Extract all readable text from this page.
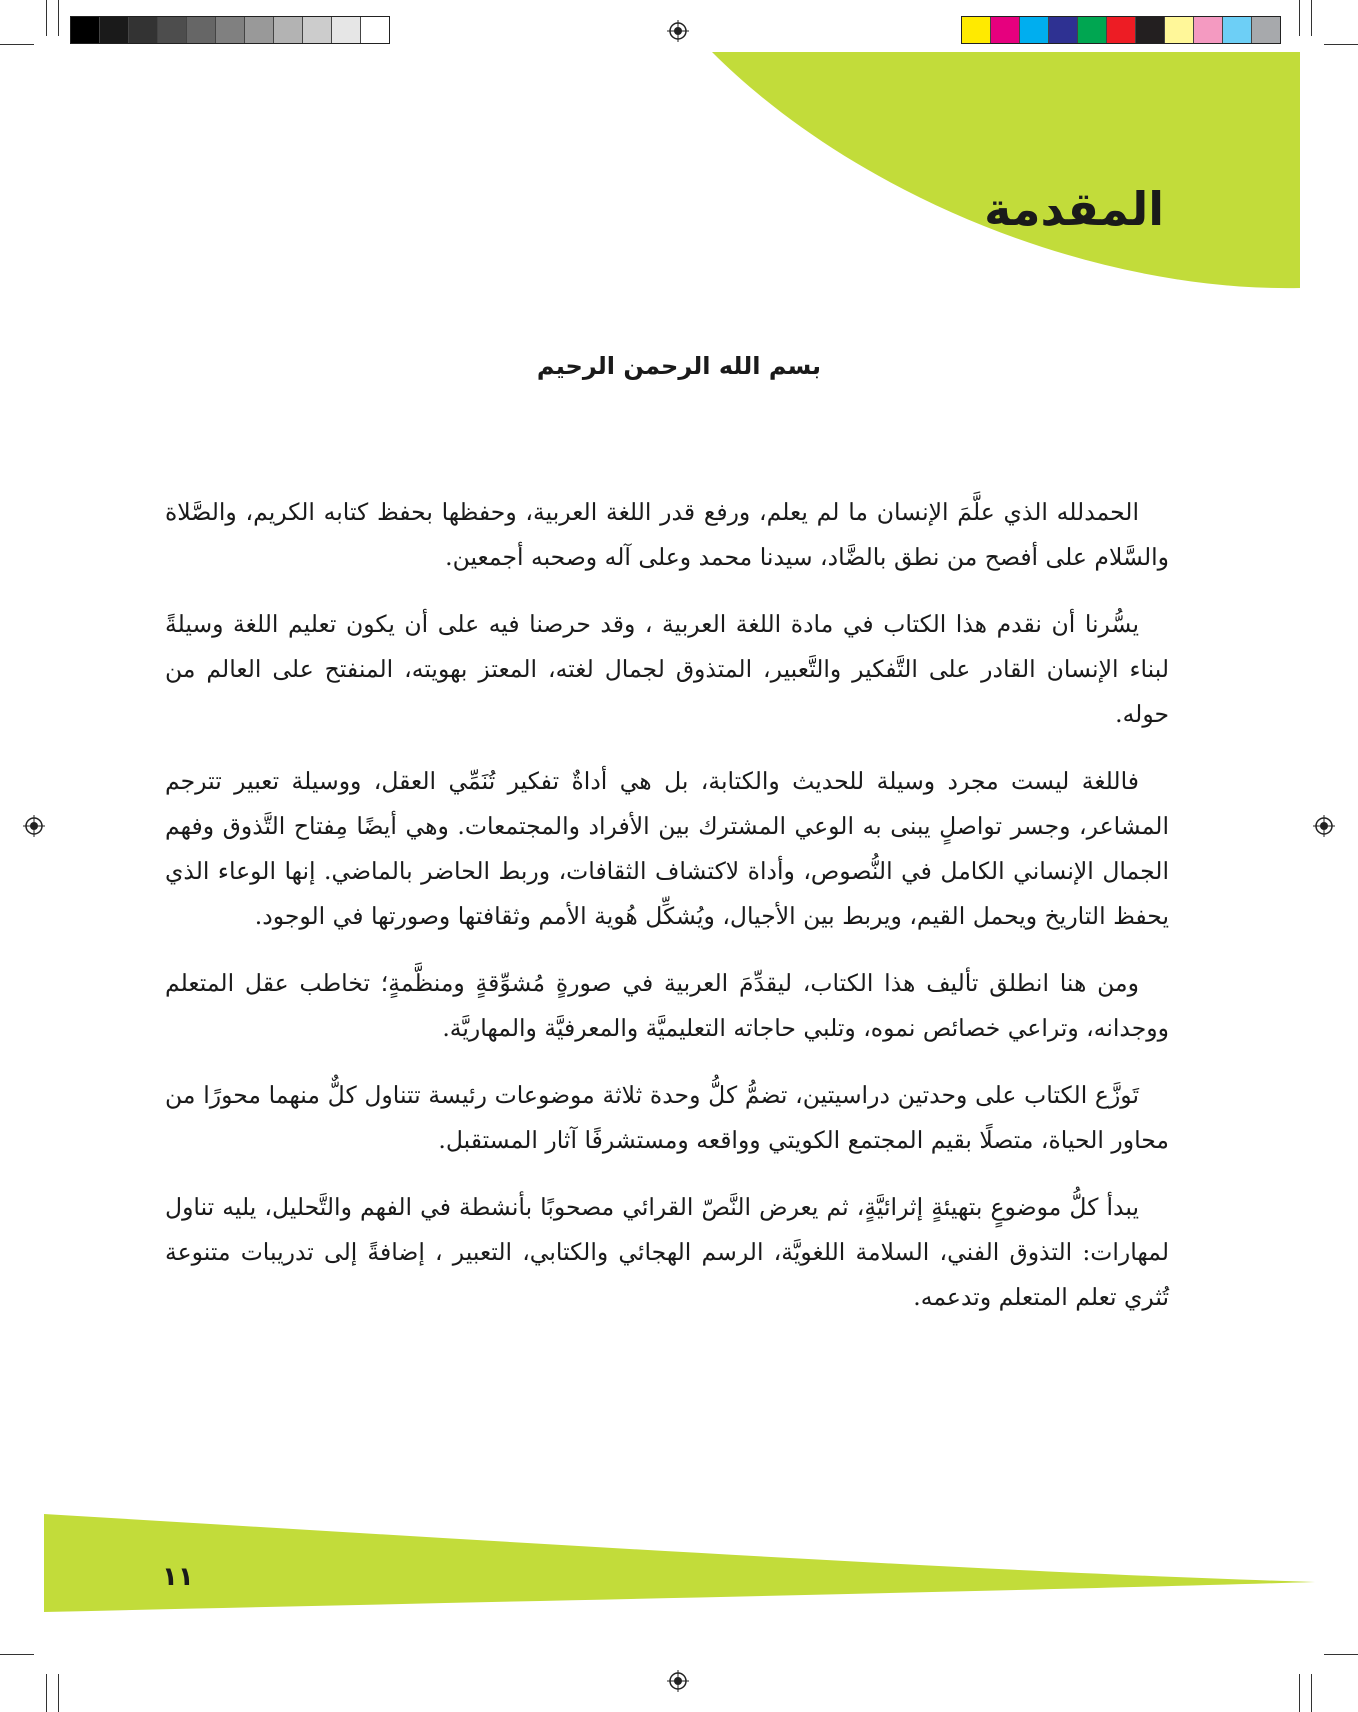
المقدمة

بسم الله الرحمن الرحيم

الحمدلله الذي علَّمَ الإنسان ما لم يعلم، ورفع قدر اللغة العربية، وحفظها بحفظ كتابه الكريم، والصَّلاة والسَّلام على أفصح من نطق بالضَّاد، سيدنا محمد وعلى آله وصحبه أجمعين.

يسُّرنا أن نقدم هذا الكتاب في مادة اللغة العربية ، وقد حرصنا فيه على أن يكون تعليم اللغة وسيلةً لبناء الإنسان القادر على التَّفكير والتَّعبير، المتذوق لجمال لغته، المعتز بهويته، المنفتح على العالم من حوله.

فاللغة ليست مجرد وسيلة للحديث والكتابة، بل هي أداةٌ تفكير تُنَمِّي العقل، ووسيلة تعبير تترجم المشاعر، وجسر تواصلٍ يبنى به الوعي المشترك بين الأفراد والمجتمعات. وهي أيضًا مِفتاح التَّذوق وفهم الجمال الإنساني الكامل في النُّصوص، وأداة لاكتشاف الثقافات، وربط الحاضر بالماضي. إنها الوعاء الذي يحفظ التاريخ ويحمل القيم، ويربط بين الأجيال، ويُشكِّل هُوية الأمم وثقافتها وصورتها في الوجود.

ومن هنا انطلق تأليف هذا الكتاب، ليقدِّمَ العربية في صورةٍ مُشوِّقةٍ ومنظَّمةٍ؛ تخاطب عقل المتعلم ووجدانه، وتراعي خصائص نموه، وتلبي حاجاته التعليميَّة والمعرفيَّة والمهاريَّة.

تَوزَّع الكتاب على وحدتين دراسيتين، تضمُّ كلُّ وحدة ثلاثة موضوعات رئيسة تتناول كلٌّ منهما محورًا من محاور الحياة، متصلًا بقيم المجتمع الكويتي وواقعه ومستشرفًا آثار المستقبل.

يبدأ كلُّ موضوعٍ بتهيئةٍ إثرائيَّةٍ، ثم يعرض النَّصّ القرائي مصحوبًا بأنشطة في الفهم والتَّحليل، يليه تناول لمهارات: التذوق الفني، السلامة اللغويَّة، الرسم الهجائي والكتابي، التعبير ، إضافةً إلى تدريبات متنوعة تُثري تعلم المتعلم وتدعمه.

١١
